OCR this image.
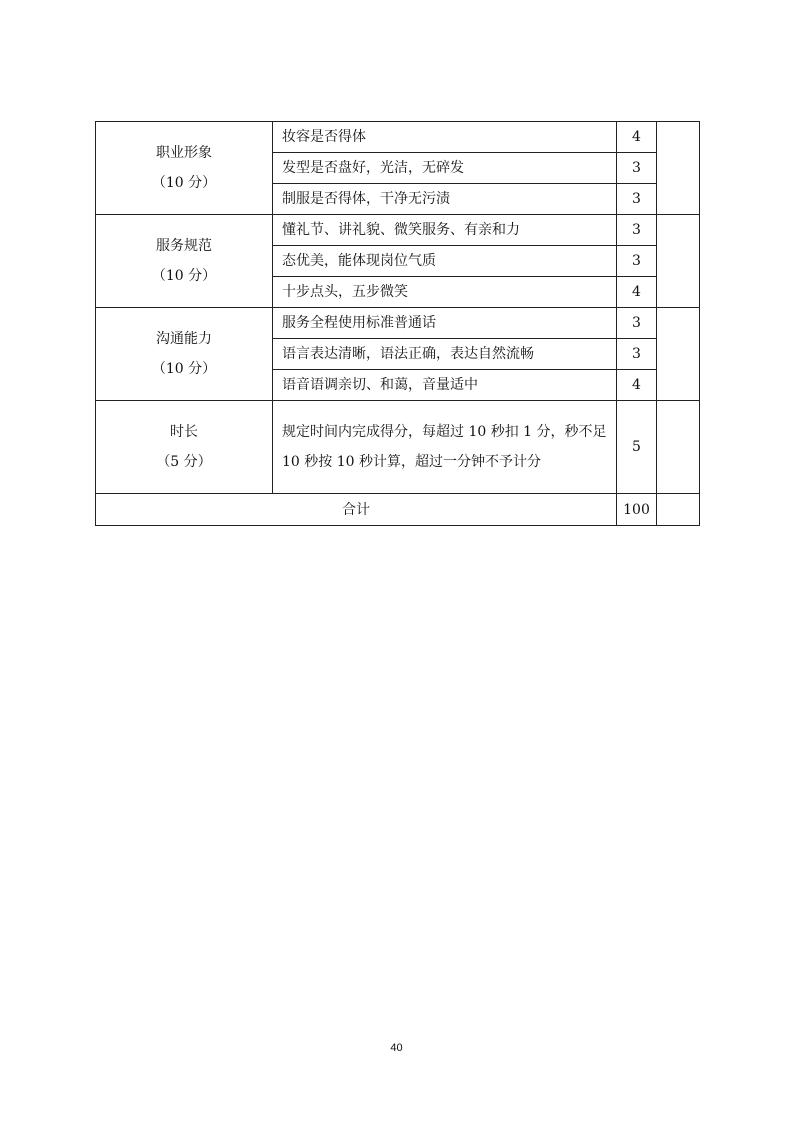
职业形象
（10 分）	妆容是否得体	4	
	发型是否盘好，光洁，无碎发	3	
	制服是否得体，干净无污渍	3	

服务规范
（10 分）	懂礼节、讲礼貌、微笑服务、有亲和力	3	
	态优美，能体现岗位气质	3	
	十步点头，五步微笑	4	

沟通能力
（10 分）	服务全程使用标准普通话	3	
	语言表达清晰，语法正确，表达自然流畅	3	
	语音语调亲切、和蔼，音量适中	4	

时长
（5 分）	规定时间内完成得分，每超过 10 秒扣 1 分，秒不足 10 秒按 10 秒计算，超过一分钟不予计分	5	
合计		100	
40
